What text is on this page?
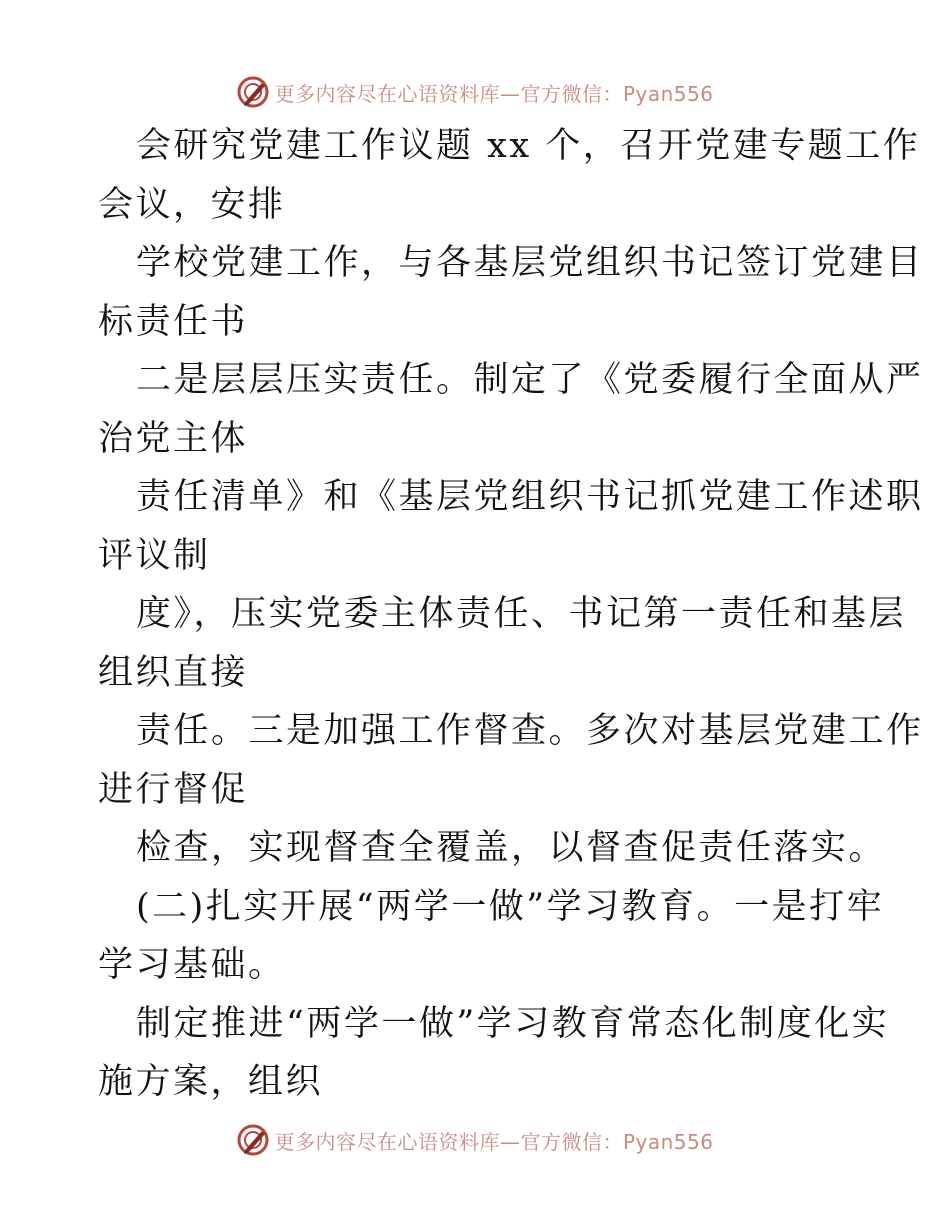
更多内容尽在心语资料库—官方微信：Pyan556
会研究党建工作议题 xx 个，召开党建专题工作
会议，安排
学校党建工作，与各基层党组织书记签订党建目
标责任书
二是层层压实责任。制定了《党委履行全面从严
治党主体
责任清单》和《基层党组织书记抓党建工作述职
评议制
度》，压实党委主体责任、书记第一责任和基层
组织直接
责任。三是加强工作督查。多次对基层党建工作
进行督促
检查，实现督查全覆盖，以督查促责任落实。
(二)扎实开展“两学一做”学习教育。一是打牢
学习基础。
制定推进“两学一做”学习教育常态化制度化实
施方案，组织
更多内容尽在心语资料库—官方微信：Pyan556
